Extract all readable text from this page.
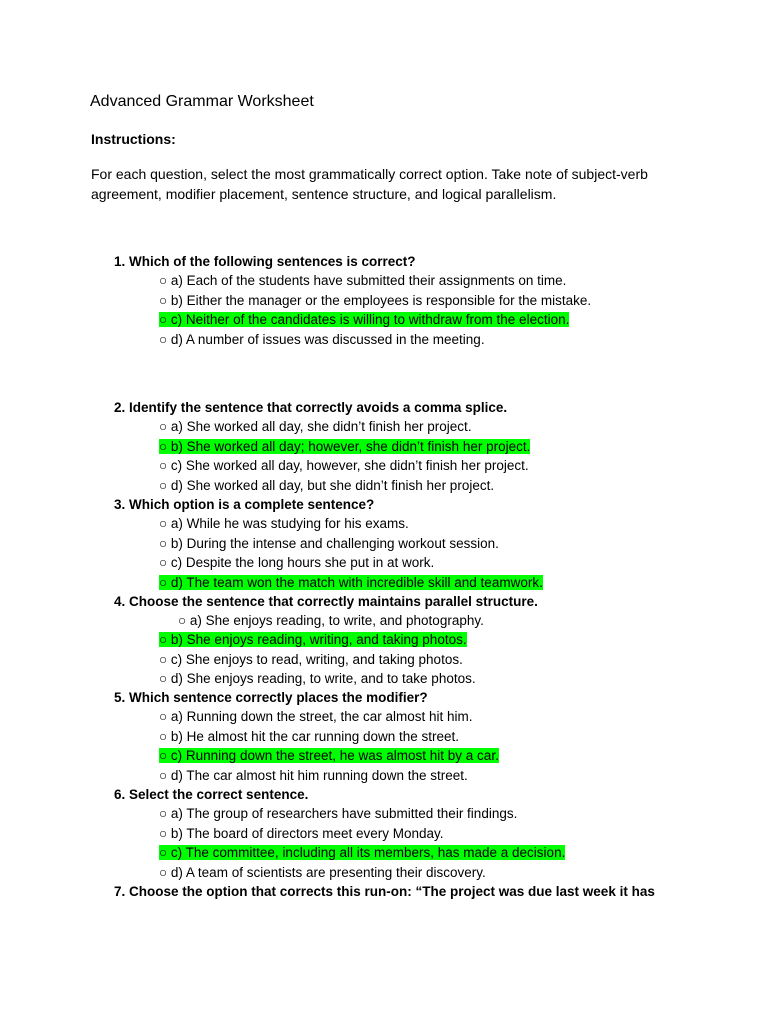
Advanced Grammar Worksheet
Instructions:
For each question, select the most grammatically correct option. Take note of subject-verb agreement, modifier placement, sentence structure, and logical parallelism.
1. Which of the following sentences is correct?
○ a) Each of the students have submitted their assignments on time.
○ b) Either the manager or the employees is responsible for the mistake.
○ c) Neither of the candidates is willing to withdraw from the election.
○ d) A number of issues was discussed in the meeting.
2. Identify the sentence that correctly avoids a comma splice.
○ a) She worked all day, she didn’t finish her project.
○ b) She worked all day; however, she didn’t finish her project.
○ c) She worked all day, however, she didn’t finish her project.
○ d) She worked all day, but she didn’t finish her project.
3. Which option is a complete sentence?
○ a) While he was studying for his exams.
○ b) During the intense and challenging workout session.
○ c) Despite the long hours she put in at work.
○ d) The team won the match with incredible skill and teamwork.
4. Choose the sentence that correctly maintains parallel structure.
○ a) She enjoys reading, to write, and photography.
○ b) She enjoys reading, writing, and taking photos.
○ c) She enjoys to read, writing, and taking photos.
○ d) She enjoys reading, to write, and to take photos.
5. Which sentence correctly places the modifier?
○ a) Running down the street, the car almost hit him.
○ b) He almost hit the car running down the street.
○ c) Running down the street, he was almost hit by a car.
○ d) The car almost hit him running down the street.
6. Select the correct sentence.
○ a) The group of researchers have submitted their findings.
○ b) The board of directors meet every Monday.
○ c) The committee, including all its members, has made a decision.
○ d) A team of scientists are presenting their discovery.
7. Choose the option that corrects this run-on: “The project was due last week it has
